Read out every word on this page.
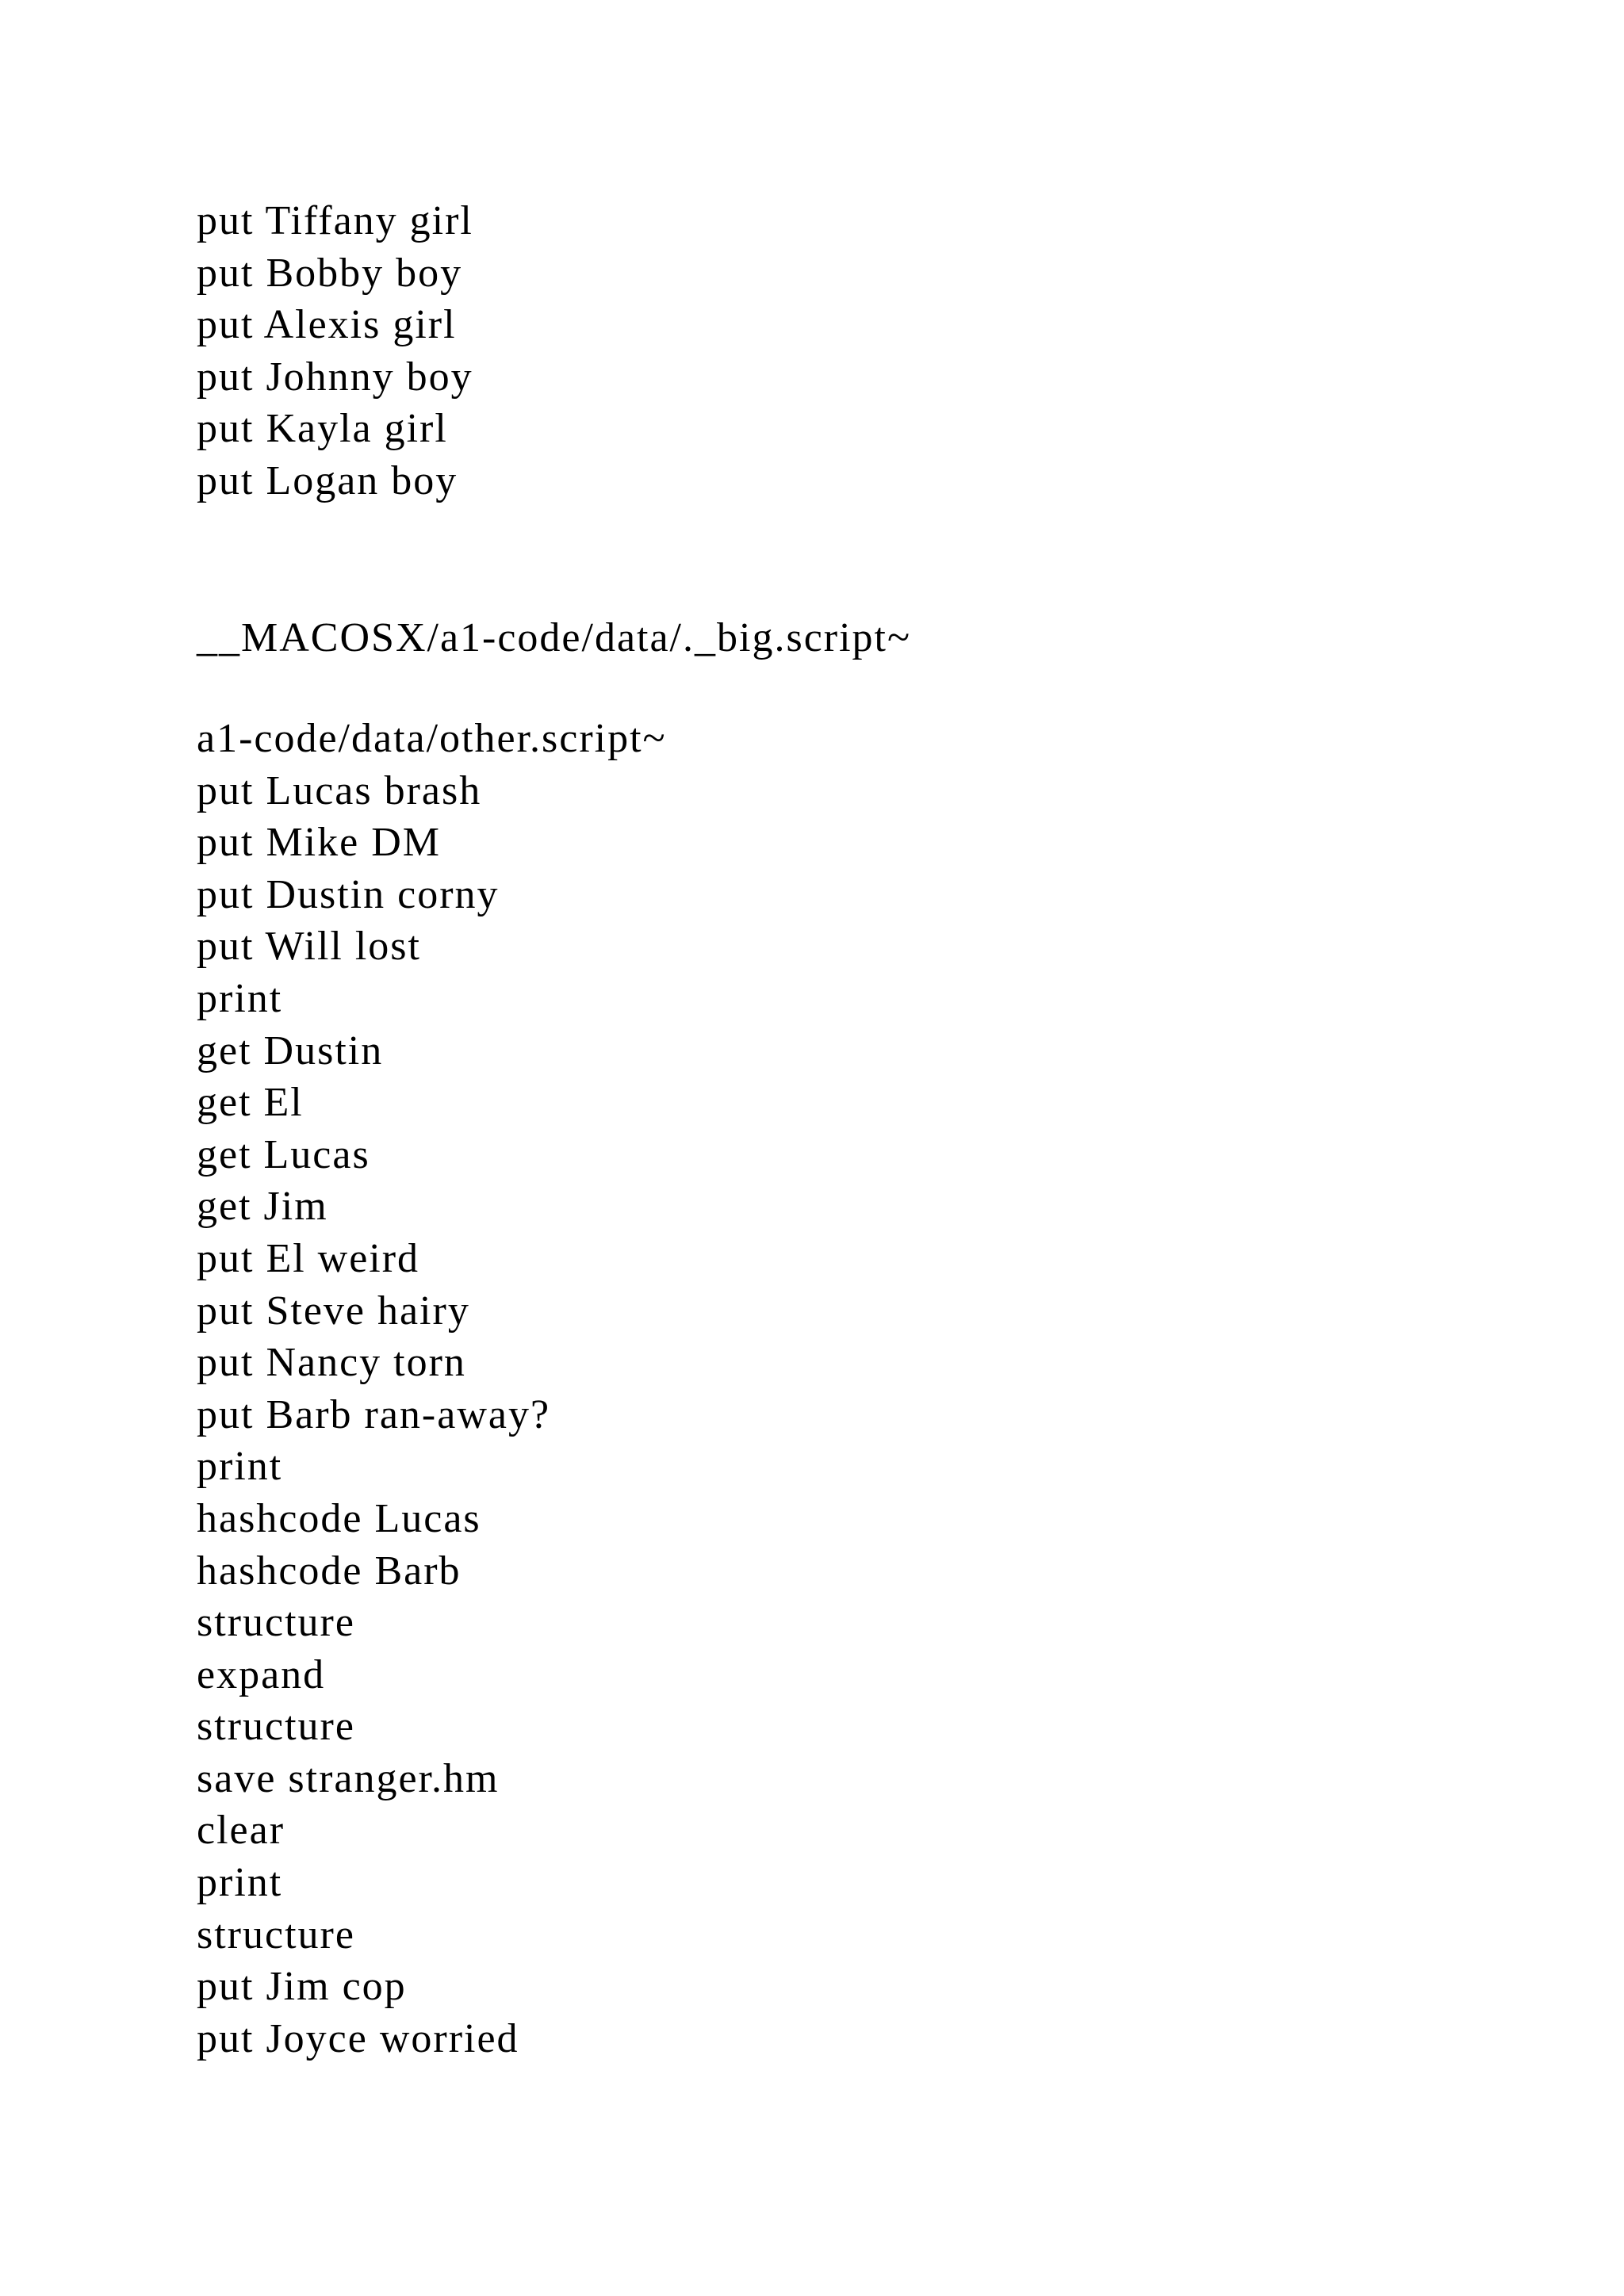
put Tiffany girl
put Bobby boy
put Alexis girl
put Johnny boy
put Kayla girl
put Logan boy
__MACOSX/a1-code/data/._big.script~
a1-code/data/other.script~
put Lucas brash
put Mike DM
put Dustin corny
put Will lost
print
get Dustin
get El
get Lucas
get Jim
put El weird
put Steve hairy
put Nancy torn
put Barb ran-away?
print
hashcode Lucas
hashcode Barb
structure
expand
structure
save stranger.hm
clear
print
structure
put Jim cop
put Joyce worried
